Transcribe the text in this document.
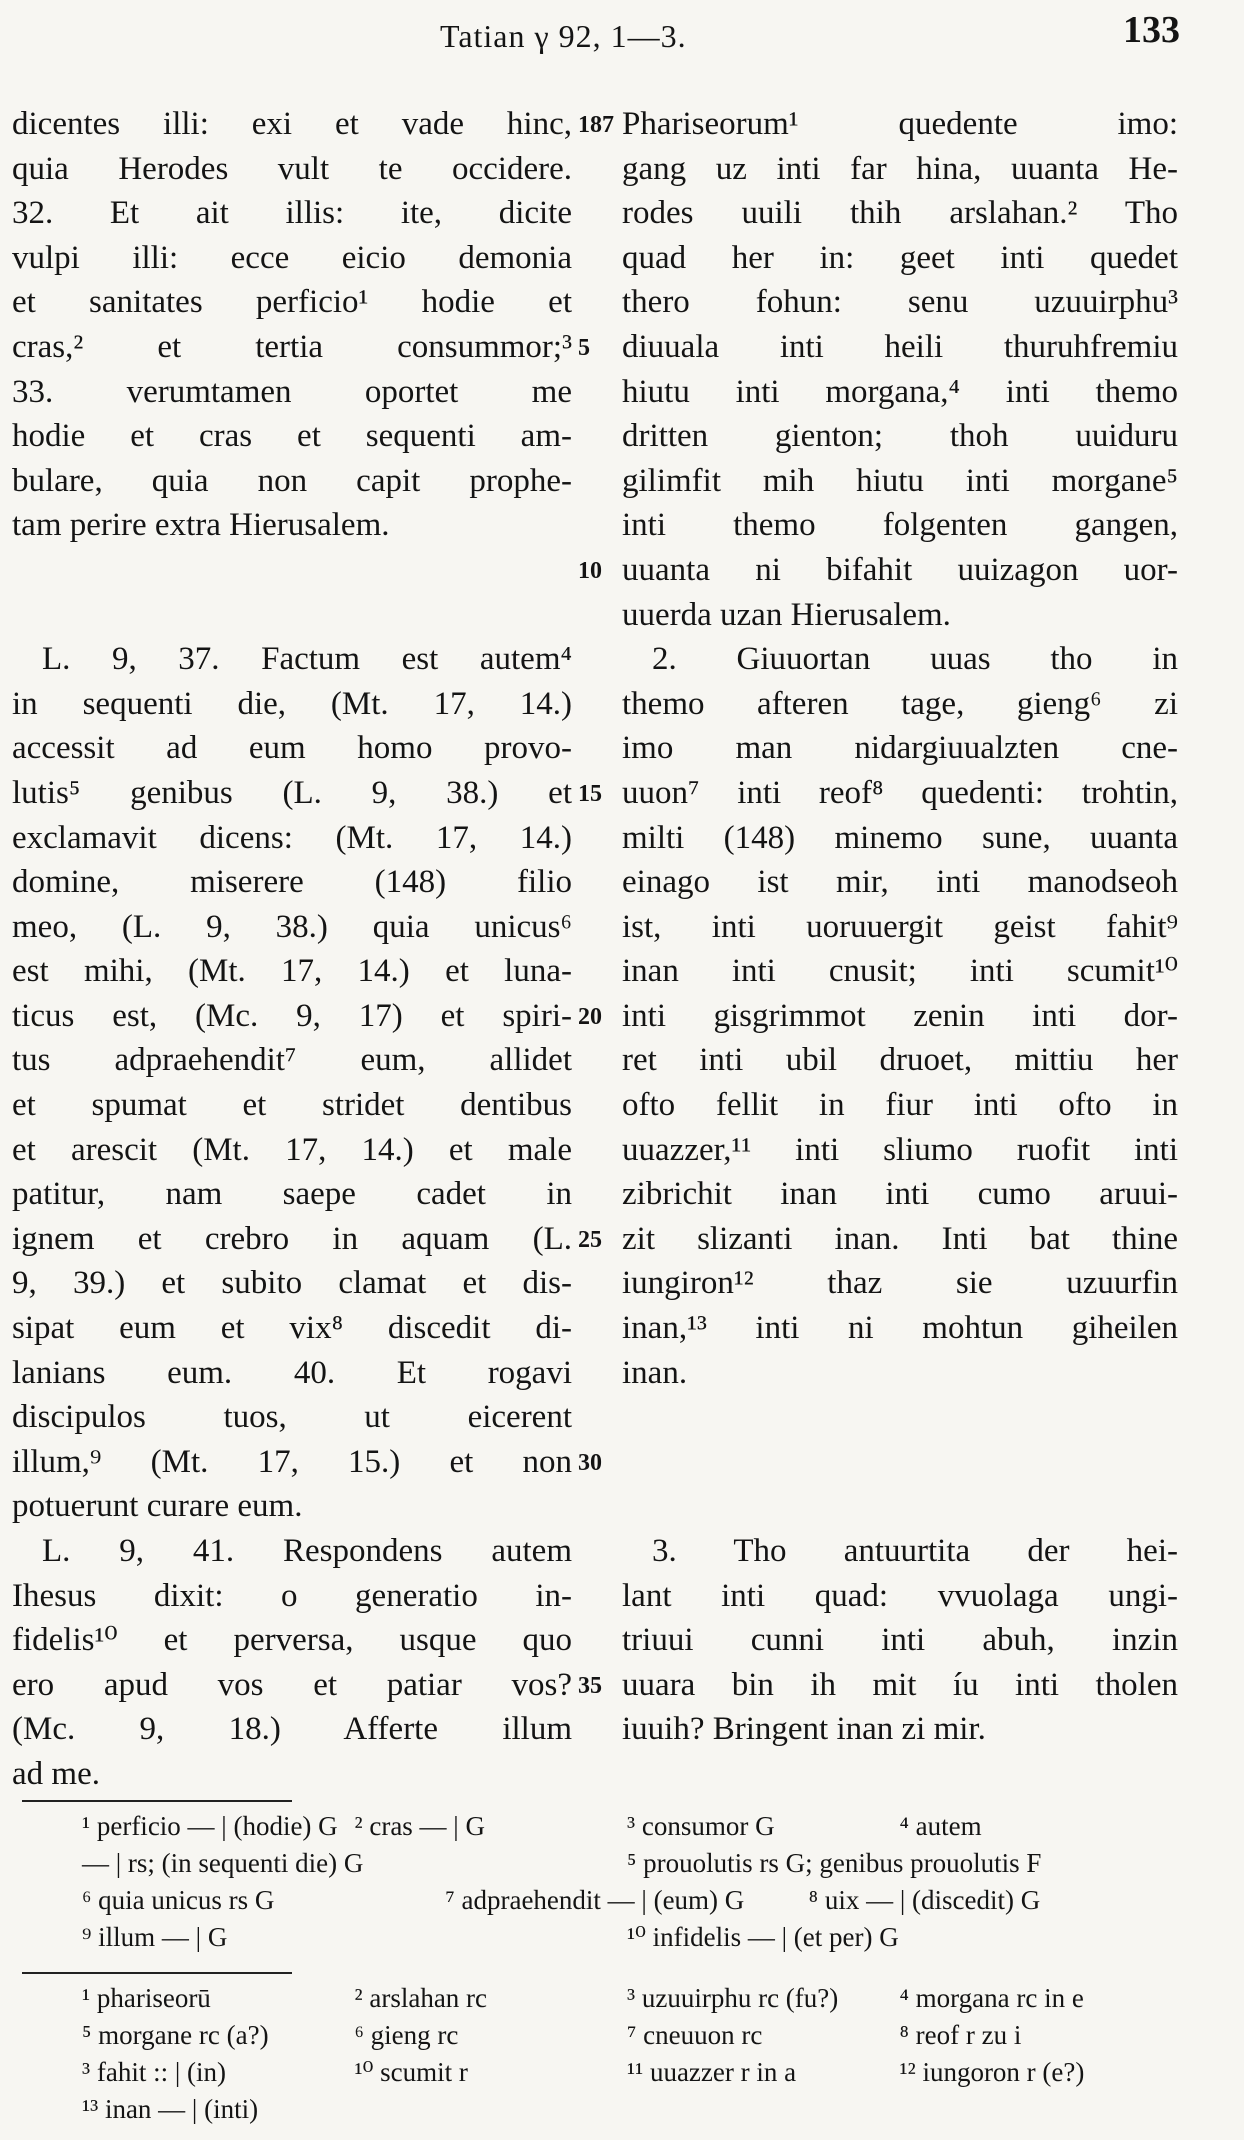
Tatian γ 92, 1—3.	133
dicentes illi: exi et vade hinc,
quia Herodes vult te occidere.
32. Et ait illis: ite, dicite
vulpi illi: ecce eicio demonia
et sanitates perficio¹ hodie et
cras,² et tertia consummor;³
33. verumtamen oportet me
hodie et cras et sequenti am-
bulare, quia non capit prophe-
tam perire extra Hierusalem.
L. 9, 37. Factum est autem⁴
in sequenti die, (Mt. 17, 14.)
accessit ad eum homo provo-
lutis⁵ genibus (L. 9, 38.) et
exclamavit dicens: (Mt. 17, 14.)
domine, miserere (148) filio
meo, (L. 9, 38.) quia unicus⁶
est mihi, (Mt. 17, 14.) et luna-
ticus est, (Mc. 9, 17) et spiri-
tus adpraehendit⁷ eum, allidet
et spumat et stridet dentibus
et arescit (Mt. 17, 14.) et male
patitur, nam saepe cadet in
ignem et crebro in aquam (L.
9, 39.) et subito clamat et dis-
sipat eum et vix⁸ discedit di-
lanians eum. 40. Et rogavi
discipulos tuos, ut eicerent
illum,⁹ (Mt. 17, 15.) et non
potuerunt curare eum.
L. 9, 41. Respondens autem
Ihesus dixit: o generatio in-
fidelis¹⁰ et perversa, usque quo
ero apud vos et patiar vos?
(Mc. 9, 18.) Afferte illum
ad me.
Phariseorum¹ quedente imo:
gang uz inti far hina, uuanta He-
rodes uuili thih arslahan.² Tho
quad her in: geet inti quedet
thero fohun: senu uzuuirphu³
diuuala inti heili thuruhfremiu
hiutu inti morgana,⁴ inti themo
dritten gienton; thoh uuiduru
gilimfit mih hiutu inti morgane⁵
inti themo folgenten gangen,
uuanta ni bifahit uuizagon uor-
uuerda uzan Hierusalem.
2. Giuuortan uuas tho in
themo afteren tage, gieng⁶ zi
imo man nidargiuualzten cne-
uuon⁷ inti reof⁸ quedenti: trohtin,
milti (148) minemo sune, uuanta
einago ist mir, inti manodseoh
ist, inti uoruuergit geist fahit⁹
inan inti cnusit; inti scumit¹⁰
inti gisgrimmot zenin inti dor-
ret inti ubil druoet, mittiu her
ofto fellit in fiur inti ofto in
uuazzer,¹¹ inti sliumo ruofit inti
zibrichit inan inti cumo aruui-
zit slizanti inan. Inti bat thine
iungiron¹² thaz sie uzuurfin
inan,¹³ inti ni mohtun giheilen
inan.
3. Tho antuurtita der hei-
lant inti quad: vvuolaga ungi-
triuui cunni inti abuh, inzin
uuara bin ih mit íu inti tholen
iuuih? Bringent inan zi mir.
187
5
10
15
20
25
30
35
¹ perficio — | (hodie) G ² cras — | G	³ consumor G	⁴ autem
— | rs; (in sequenti die) G	⁵ prouolutis rs G; genibus prouolutis F
⁶ quia unicus rs G	⁷ adpraehendit — | (eum) G ⁸ uix — | (discedit) G
⁹ illum — | G	¹⁰ infidelis — | (et per) G
¹ phariseorū	² arslahan rc	³ uzuuirphu rc (fu?) ⁴ morgana rc in e
⁵ morgane rc (a?)	⁶ gieng rc	⁷ cneuuon rc	⁸ reof r zu i
³ fahit :: | (in)	¹⁰ scumit r	¹¹ uuazzer r in a	¹² iungoron r (e?)
¹³ inan — | (inti)
